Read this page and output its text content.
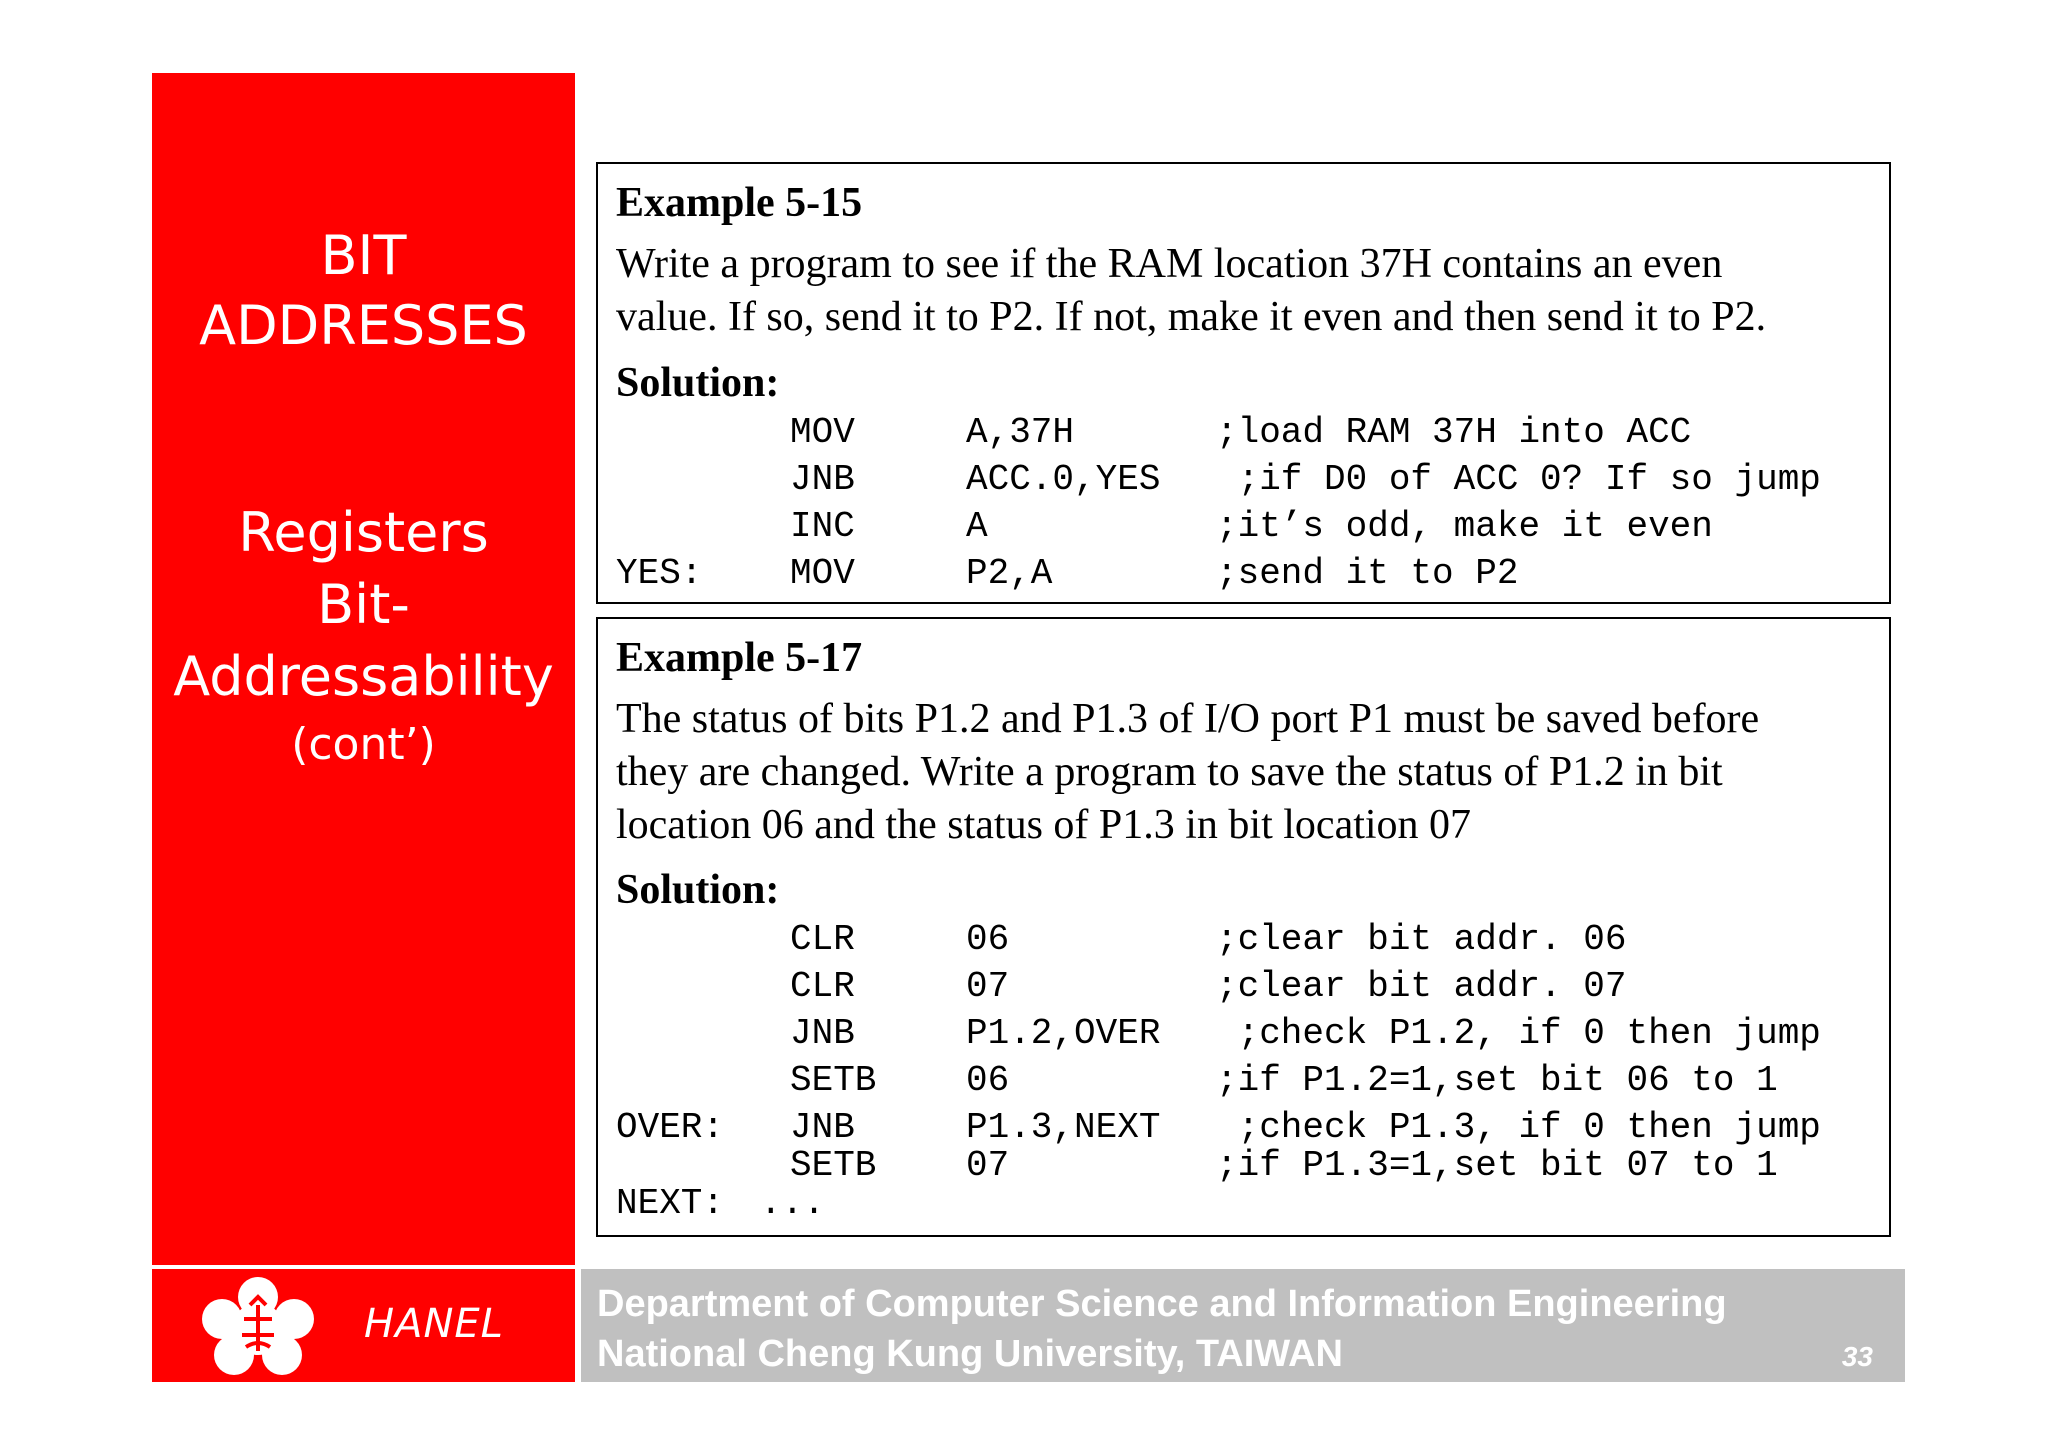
BIT
ADDRESSES
Registers
Bit-
Addressability
(cont’)
HANEL Department of Computer Science and Information Engineering
National Cheng Kung University, TAIWAN	33
Example 5-15
Write a program to see if the RAM location 37H contains an even
value. If so, send it to P2. If not, make it even and then send it to P2.
Solution:
MOV	A,37H	;load RAM 37H into ACC
JNB	ACC.0,YES ;if D0 of ACC 0? If so jump
INC	A	;it’s odd, make it even
YES: MOV	P2,A	;send it to P2
Example 5-17
The status of bits P1.2 and P1.3 of I/O port P1 must be saved before
they are changed. Write a program to save the status of P1.2 in bit
location 06 and the status of P1.3 in bit location 07
Solution:
CLR	06	;clear bit addr. 06
CLR	07	;clear bit addr. 07
JNB	P1.2,OVER ;check P1.2, if 0 then jump
SETB 06	;if P1.2=1,set bit 06 to 1
OVER: JNB	P1.3,NEXT ;check P1.3, if 0 then jump
SETB 07	;if P1.3=1,set bit 07 to 1
NEXT: ...
